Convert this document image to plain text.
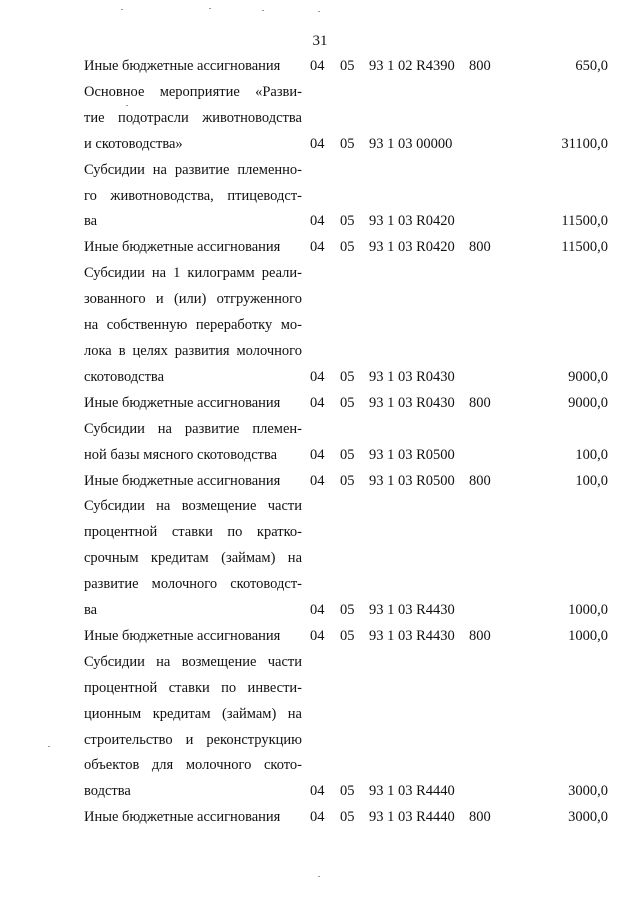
31
Иные бюджетные ассигнования	04 05 93 1 02 R4390 800	650,0
Основное мероприятие «Разви-
тие подотрасли животноводства
и скотоводства»	04 05 93 1 03 00000	31100,0
Субсидии на развитие племенно-
го животноводства, птицеводст-
ва	04 05 93 1 03 R0420	11500,0
Иные бюджетные ассигнования	04 05 93 1 03 R0420 800	11500,0
Субсидии на 1 килограмм реали-
зованного и (или) отгруженного
на собственную переработку мо-
лока в целях развития молочного
скотоводства	04 05 93 1 03 R0430	9000,0
Иные бюджетные ассигнования	04 05 93 1 03 R0430 800	9000,0
Субсидии на развитие племен-
ной базы мясного скотоводства	04 05 93 1 03 R0500	100,0
Иные бюджетные ассигнования	04 05 93 1 03 R0500 800	100,0
Субсидии на возмещение части
процентной ставки по кратко-
срочным кредитам (займам) на
развитие молочного скотоводст-
ва	04 05 93 1 03 R4430	1000,0
Иные бюджетные ассигнования	04 05 93 1 03 R4430 800	1000,0
Субсидии на возмещение части
процентной ставки по инвести-
ционным кредитам (займам) на
строительство и реконструкцию
объектов для молочного ското-
водства	04 05 93 1 03 R4440	3000,0
Иные бюджетные ассигнования	04 05 93 1 03 R4440 800	3000,0
